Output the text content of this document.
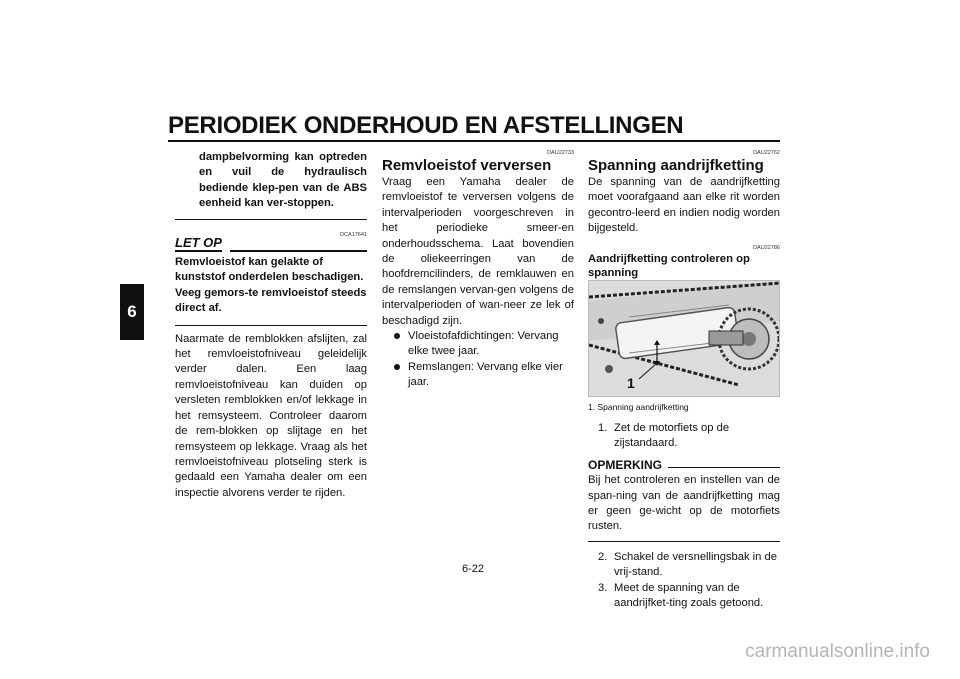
PERIODIEK ONDERHOUD EN AFSTELLINGEN
6

dampbelvorming kan optreden en vuil de hydraulisch bediende klep-pen van de ABS eenheid kan ver-stoppen.

DCA17641
LET OP

Remvloeistof kan gelakte of kunststof onderdelen beschadigen. Veeg gemors-te remvloeistof steeds direct af.

Naarmate de remblokken afslijten, zal het remvloeistofniveau geleidelijk verder dalen. Een laag remvloeistofniveau kan duiden op versleten remblokken en/of lekkage in het remsysteem. Controleer daarom de rem-blokken op slijtage en het remsysteem op lekkage. Vraag als het remvloeistofniveau plotseling sterk is gedaald een Yamaha dealer om een inspectie alvorens verder te rijden.

DAU22733
Remvloeistof verversen

Vraag een Yamaha dealer de remvloeistof te verversen volgens de intervalperioden voorgeschreven in het periodieke smeer-en onderhoudsschema. Laat bovendien de oliekeerringen van de hoofdremcilinders, de remklauwen en de remslangen vervan-gen volgens de intervalperioden of wan-neer ze lek of beschadigd zijn.

Vloeistofafdichtingen: Vervang elke twee jaar.
Remslangen: Vervang elke vier jaar.
DAU22762
Spanning aandrijfketting

De spanning van de aandrijfketting moet voorafgaand aan elke rit worden gecontro-leerd en indien nodig worden bijgesteld.

DAU22786
Aandrijfketting controleren op spanning
1
1. Spanning aandrijfketting
1. Zet de motorfiets op de zijstandaard.
OPMERKING

Bij het controleren en instellen van de span-ning van de aandrijfketting mag er geen ge-wicht op de motorfiets rusten.

2. Schakel de versnellingsbak in de vrij-stand.
3. Meet de spanning van de aandrijfket-ting zoals getoond.
6-22
carmanualsonline.info
